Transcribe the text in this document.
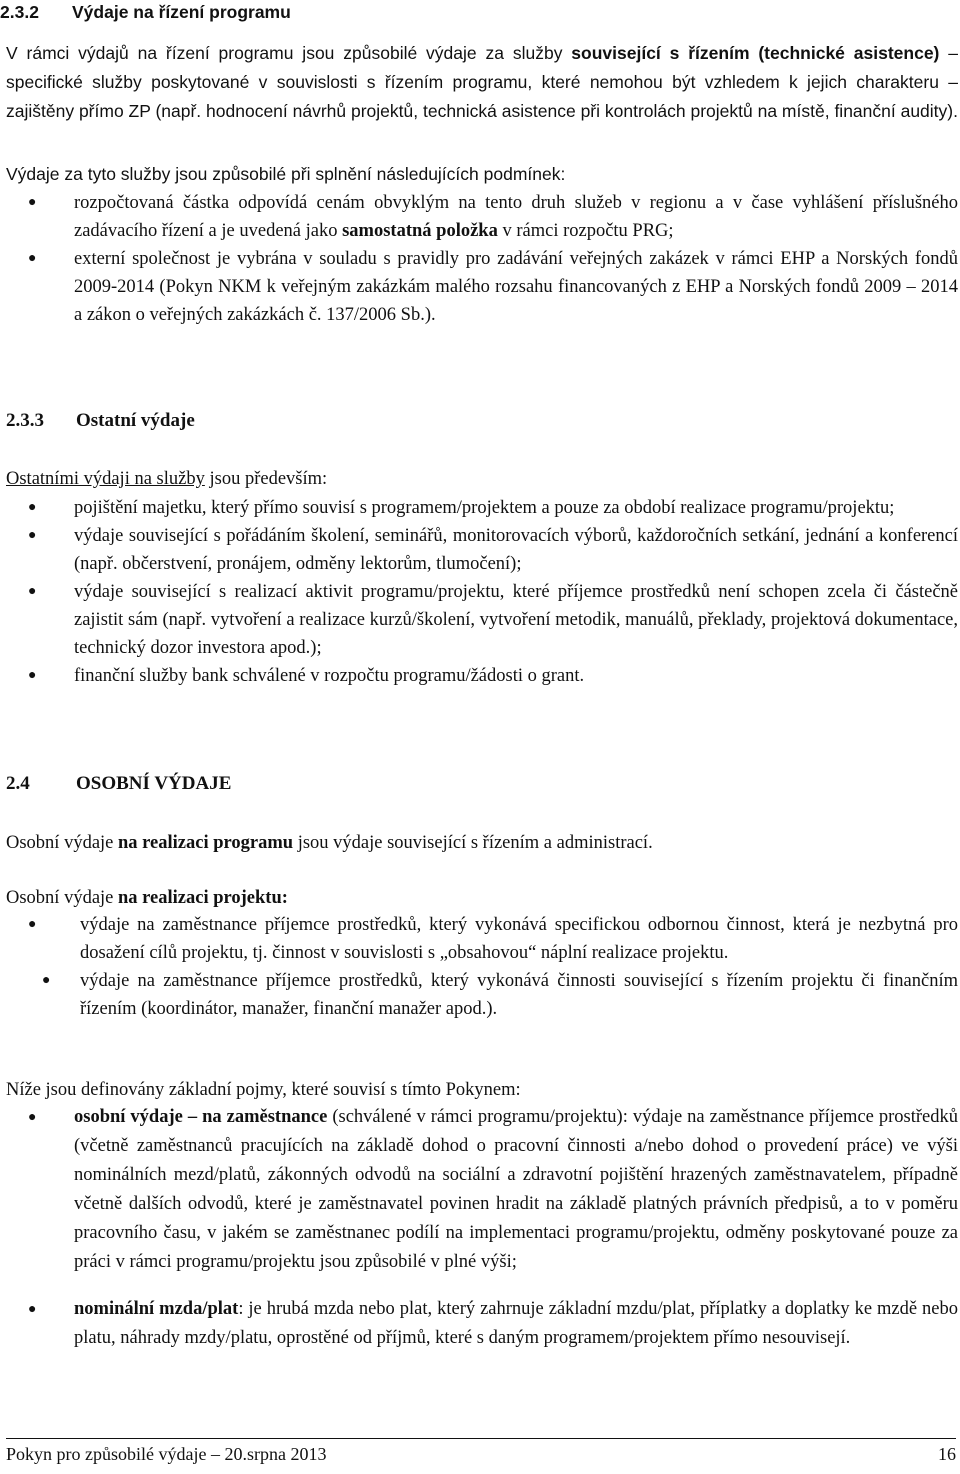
2.3.2	Výdaje na řízení programu

V rámci výdajů na řízení programu jsou způsobilé výdaje za služby související s řízením (technické asistence) – specifické služby poskytované v souvislosti s řízením programu, které nemohou být vzhledem k jejich charakteru – zajištěny přímo ZP (např. hodnocení návrhů projektů, technická asistence při kontrolách projektů na místě, finanční audity).

Výdaje za tyto služby jsou způsobilé při splnění následujících podmínek:

● rozpočtovaná částka odpovídá cenám obvyklým na tento druh služeb v regionu a v čase vyhlášení příslušného zadávacího řízení a je uvedená jako samostatná položka v rámci rozpočtu PRG;
● externí společnost je vybrána v souladu s pravidly pro zadávání veřejných zakázek v rámci EHP a Norských fondů 2009-2014 (Pokyn NKM k veřejným zakázkám malého rozsahu financovaných z EHP a Norských fondů 2009 – 2014 a zákon o veřejných zakázkách č. 137/2006 Sb.).
2.3.3	Ostatní výdaje

Ostatními výdaji na služby jsou především:

● pojištění majetku, který přímo souvisí s programem/projektem a pouze za období realizace programu/projektu;
● výdaje související s pořádáním školení, seminářů, monitorovacích výborů, každoročních setkání, jednání a konferencí (např. občerstvení, pronájem, odměny lektorům, tlumočení);
● výdaje související s realizací aktivit programu/projektu, které příjemce prostředků není schopen zcela či částečně zajistit sám (např. vytvoření a realizace kurzů/školení, vytvoření metodik, manuálů, překlady, projektová dokumentace, technický dozor investora apod.);
● finanční služby bank schválené v rozpočtu programu/žádosti o grant.
2.4	OSOBNÍ VÝDAJE

Osobní výdaje na realizaci programu jsou výdaje související s řízením a administrací.

Osobní výdaje na realizaci projektu:

● výdaje na zaměstnance příjemce prostředků, který vykonává specifickou odbornou činnost, která je nezbytná pro dosažení cílů projektu, tj. činnost v souvislosti s „obsahovou“ náplní realizace projektu.
● výdaje na zaměstnance příjemce prostředků, který vykonává činnosti související s řízením projektu či finančním řízením (koordinátor, manažer, finanční manažer apod.).

Níže jsou definovány základní pojmy, které souvisí s tímto Pokynem:

● osobní výdaje – na zaměstnance (schválené v rámci programu/projektu): výdaje na zaměstnance příjemce prostředků (včetně zaměstnanců pracujících na základě dohod o pracovní činnosti a/nebo dohod o provedení práce) ve výši nominálních mezd/platů, zákonných odvodů na sociální a zdravotní pojištění hrazených zaměstnavatelem, případně včetně dalších odvodů, které je zaměstnavatel povinen hradit na základě platných právních předpisů, a to v poměru pracovního času, v jakém se zaměstnanec podílí na implementaci programu/projektu, odměny poskytované pouze za práci v rámci programu/projektu jsou způsobilé v plné výši;
● nominální mzda/plat: je hrubá mzda nebo plat, který zahrnuje základní mzdu/plat, příplatky a doplatky ke mzdě nebo platu, náhrady mzdy/platu, oprostěné od příjmů, které s daným programem/projektem přímo nesouvisejí.
Pokyn pro způsobilé výdaje – 20.srpna 2013	16
